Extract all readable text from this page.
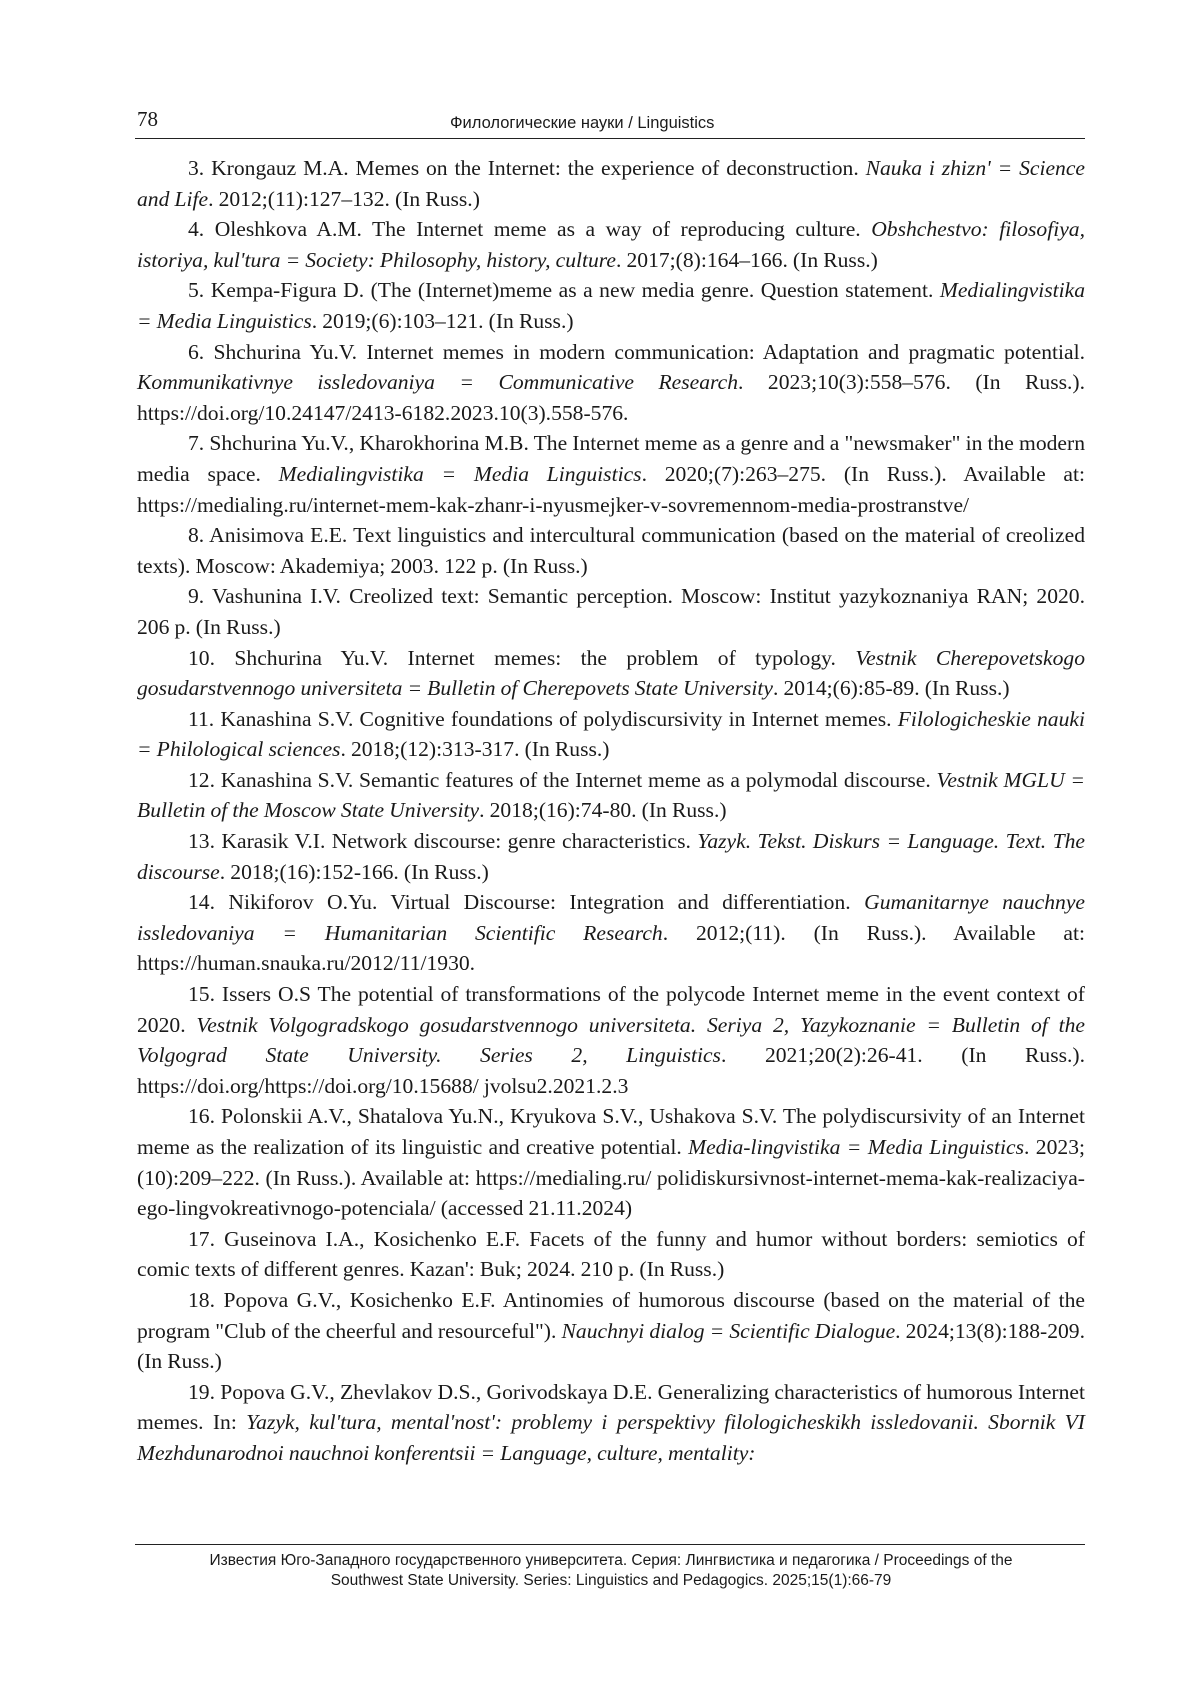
78	Филологические науки / Linguistics

3. Krongauz M.A. Memes on the Internet: the experience of deconstruction. Nauka i zhizn' = Science and Life. 2012;(11):127–132. (In Russ.)

4. Oleshkova A.M. The Internet meme as a way of reproducing culture. Obshchestvo: filosofiya, istoriya, kul'tura = Society: Philosophy, history, culture. 2017;(8):164–166. (In Russ.)

5. Kempa-Figura D. (The (Internet)meme as a new media genre. Question statement. Medialingvistika = Media Linguistics. 2019;(6):103–121. (In Russ.)

6. Shchurina Yu.V. Internet memes in modern communication: Adaptation and pragmatic potential. Kommunikativnye issledovaniya = Communicative Research. 2023;10(3):558–576. (In Russ.). https://doi.org/10.24147/2413-6182.2023.10(3).558-576.

7. Shchurina Yu.V., Kharokhorina M.B. The Internet meme as a genre and a "newsmaker" in the modern media space. Medialingvistika = Media Linguistics. 2020;(7):263–275. (In Russ.). Available at: https://medialing.ru/internet-mem-kak-zhanr-i-nyusmejker-v-sovremennom-media-prostranstve/

8. Anisimova E.E. Text linguistics and intercultural communication (based on the material of creolized texts). Moscow: Akademiya; 2003. 122 p. (In Russ.)

9. Vashunina I.V. Creolized text: Semantic perception. Moscow: Institut yazykoznaniya RAN; 2020. 206 p. (In Russ.)

10. Shchurina Yu.V. Internet memes: the problem of typology. Vestnik Cherepovetskogo gosudarstvennogo universiteta = Bulletin of Cherepovets State University. 2014;(6):85-89. (In Russ.)

11. Kanashina S.V. Cognitive foundations of polydiscursivity in Internet memes. Filologicheskie nauki = Philological sciences. 2018;(12):313-317. (In Russ.)

12. Kanashina S.V. Semantic features of the Internet meme as a polymodal discourse. Vestnik MGLU = Bulletin of the Moscow State University. 2018;(16):74-80. (In Russ.)

13. Karasik V.I. Network discourse: genre characteristics. Yazyk. Tekst. Diskurs = Language. Text. The discourse. 2018;(16):152-166. (In Russ.)

14. Nikiforov O.Yu. Virtual Discourse: Integration and differentiation. Gumanitarnye nauchnye issledovaniya = Humanitarian Scientific Research. 2012;(11). (In Russ.). Available at: https://human.snauka.ru/2012/11/1930.

15. Issers O.S The potential of transformations of the polycode Internet meme in the event context of 2020. Vestnik Volgogradskogo gosudarstvennogo universiteta. Seriya 2, Yazykoznanie = Bulletin of the Volgograd State University. Series 2, Linguistics. 2021;20(2):26-41. (In Russ.). https://doi.org/https://doi.org/10.15688/ jvolsu2.2021.2.3

16. Polonskii A.V., Shatalova Yu.N., Kryukova S.V., Ushakova S.V. The polydiscursivity of an Internet meme as the realization of its linguistic and creative potential. Media-lingvistika = Media Linguistics. 2023;(10):209–222. (In Russ.). Available at: https://medialing.ru/ polidiskursivnost-internet-mema-kak-realizaciya-ego-lingvokreativnogo-potenciala/ (accessed 21.11.2024)

17. Guseinova I.A., Kosichenko E.F. Facets of the funny and humor without borders: semiotics of comic texts of different genres. Kazan': Buk; 2024. 210 p. (In Russ.)

18. Popova G.V., Kosichenko E.F. Antinomies of humorous discourse (based on the material of the program "Club of the cheerful and resourceful"). Nauchnyi dialog = Scientific Dialogue. 2024;13(8):188-209. (In Russ.)

19. Popova G.V., Zhevlakov D.S., Gorivodskaya D.E. Generalizing characteristics of humorous Internet memes. In: Yazyk, kul'tura, mental'nost': problemy i perspektivy filologicheskikh issledovanii. Sbornik VI Mezhdunarodnoi nauchnoi konferentsii = Language, culture, mentality:

Известия Юго-Западного государственного университета. Серия: Лингвистика и педагогика / Proceedings of the
Southwest State University. Series: Linguistics and Pedagogics. 2025;15(1):66-79
